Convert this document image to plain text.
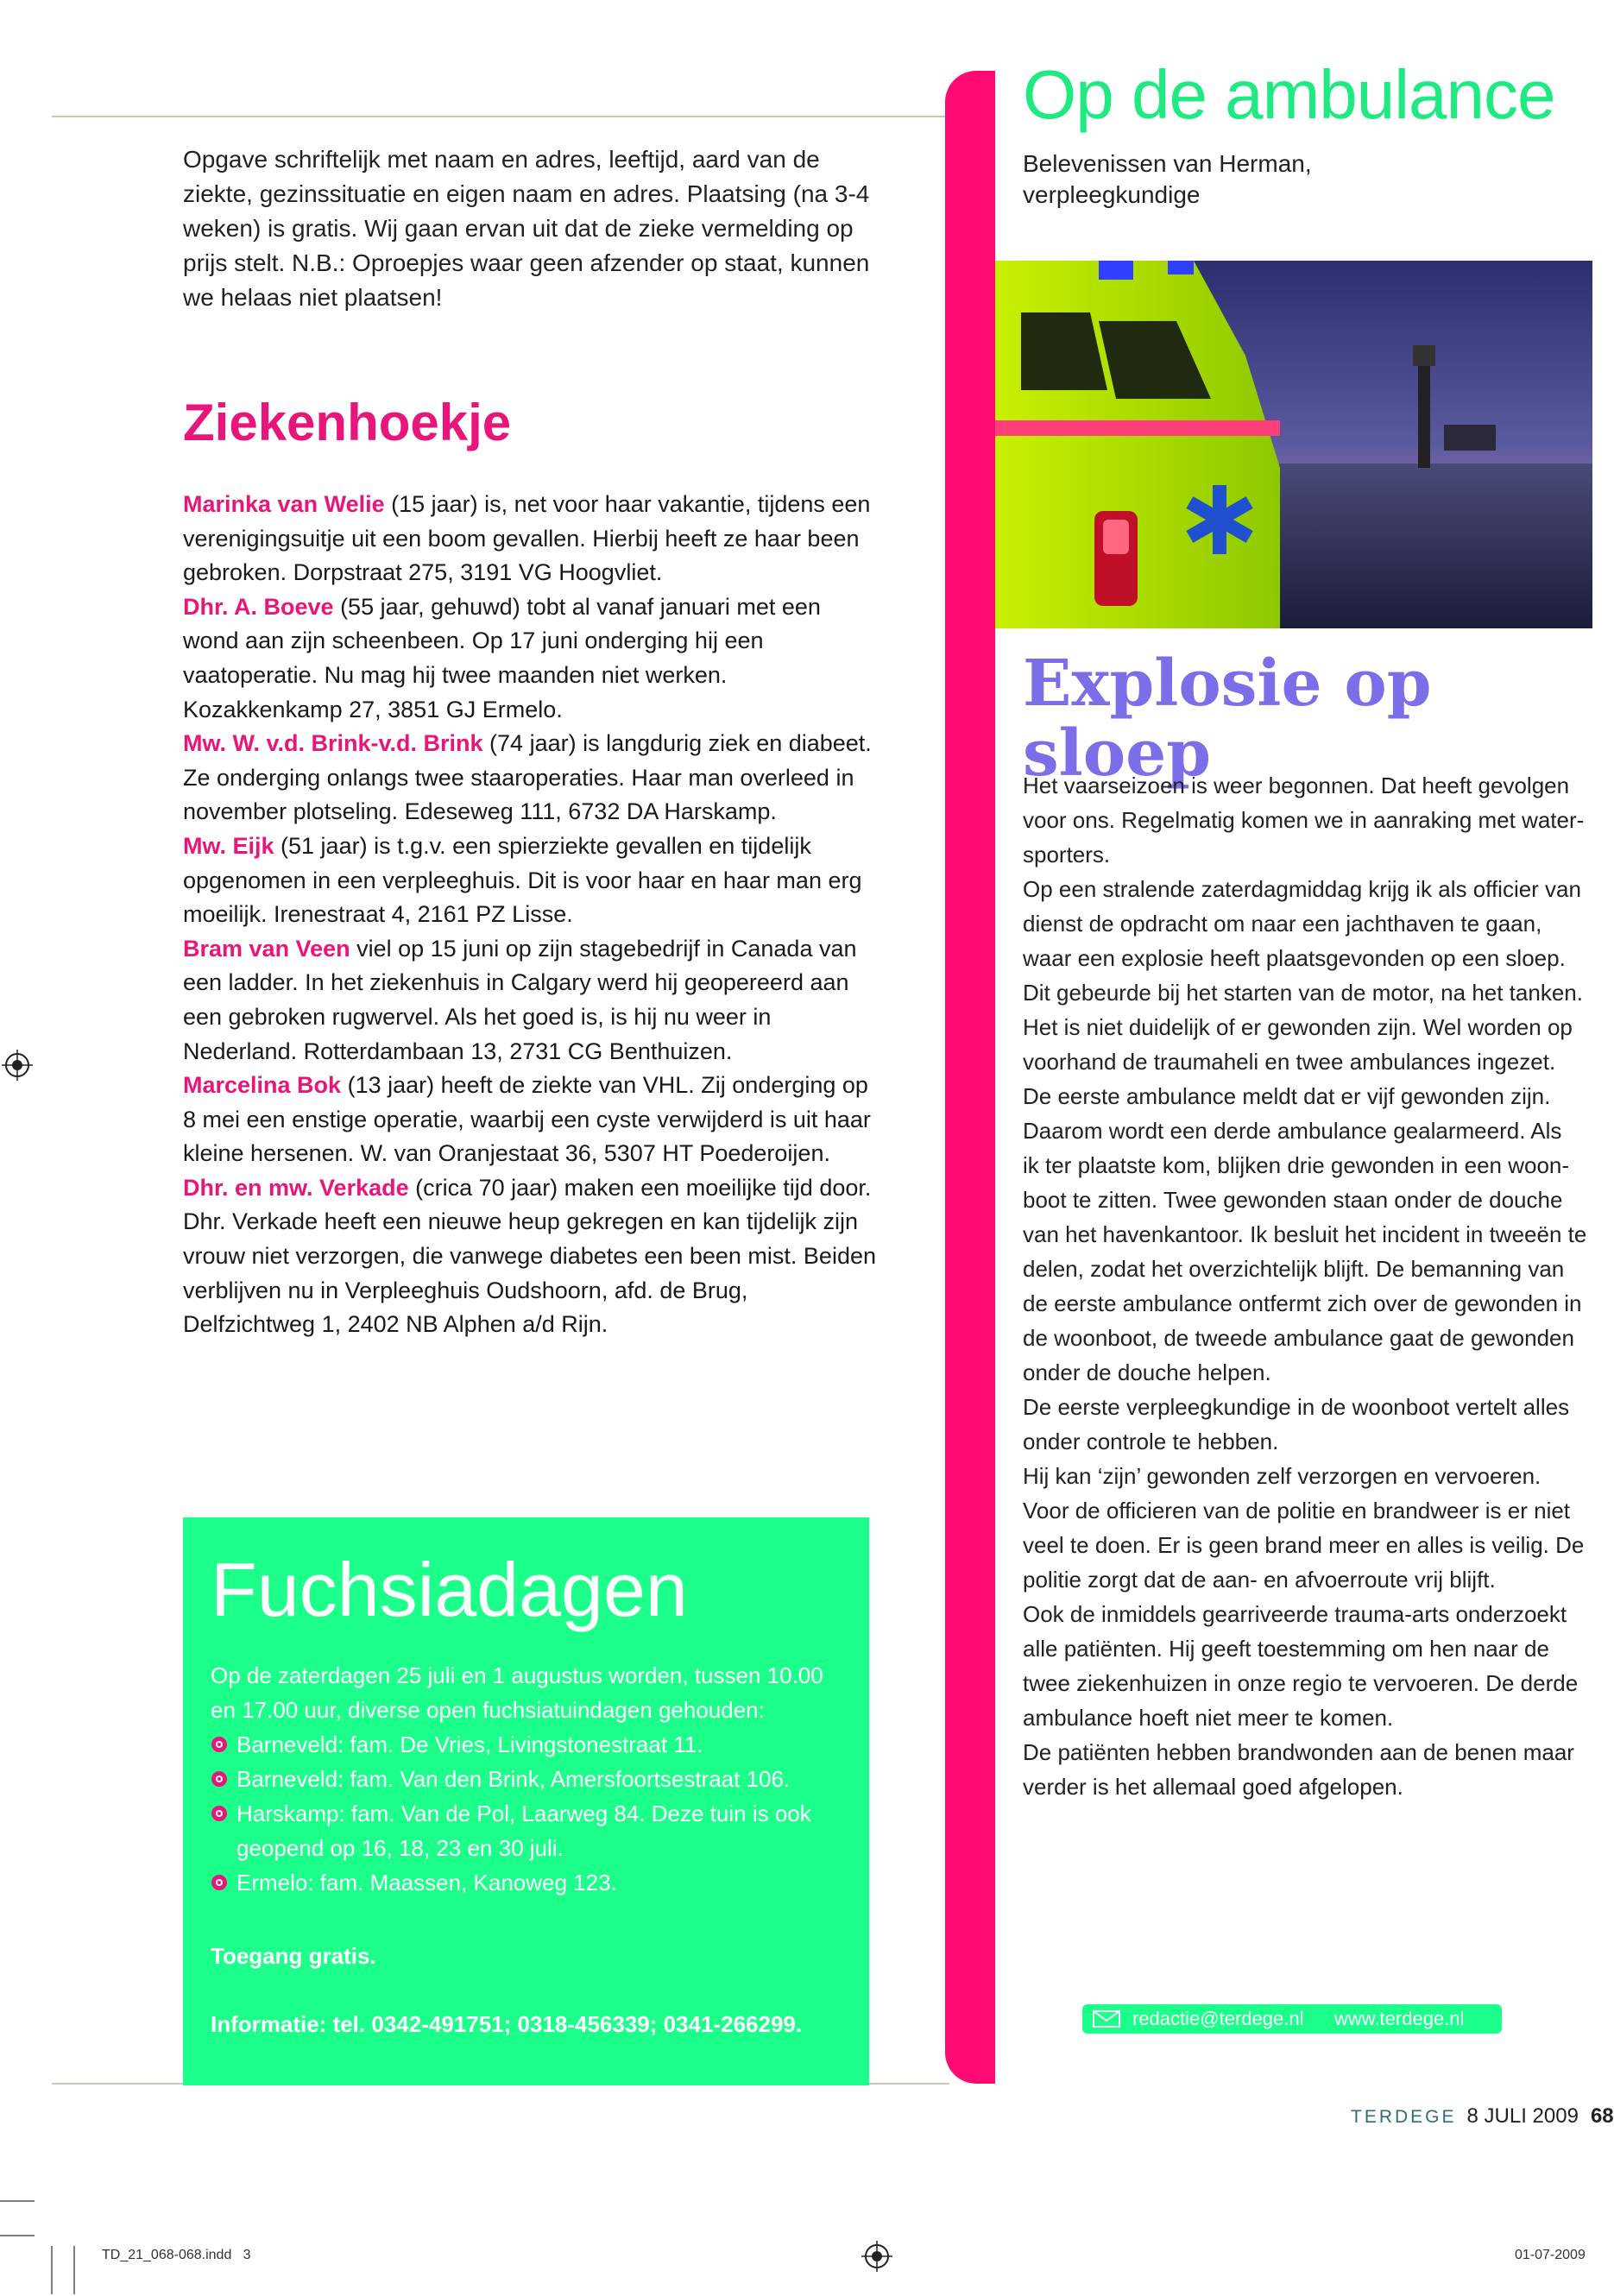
Opgave schriftelijk met naam en adres, leeftijd, aard van de ziekte, gezinssituatie en eigen naam en adres. Plaatsing (na 3-4 weken) is gratis. Wij gaan ervan uit dat de zieke vermelding op prijs stelt. N.B.: Oproepjes waar geen afzender op staat, kunnen we helaas niet plaatsen!
Ziekenhoekje
Marinka van Welie (15 jaar) is, net voor haar vakantie, tijdens een verenigingsuitje uit een boom gevallen. Hierbij heeft ze haar been gebroken. Dorpstraat 275, 3191 VG Hoogvliet.
Dhr. A. Boeve (55 jaar, gehuwd) tobt al vanaf januari met een wond aan zijn scheenbeen. Op 17 juni onderging hij een vaatoperatie. Nu mag hij twee maanden niet werken. Kozakkenkamp 27, 3851 GJ Ermelo.
Mw. W. v.d. Brink-v.d. Brink (74 jaar) is langdurig ziek en diabeet. Ze onderging onlangs twee staaroperaties. Haar man overleed in november plotseling. Edeseweg 111, 6732 DA Harskamp.
Mw. Eijk (51 jaar) is t.g.v. een spierziekte gevallen en tijdelijk opgenomen in een verpleeghuis. Dit is voor haar en haar man erg moeilijk. Irenestraat 4, 2161 PZ Lisse.
Bram van Veen viel op 15 juni op zijn stagebedrijf in Canada van een ladder. In het ziekenhuis in Calgary werd hij geopereerd aan een gebroken rugwervel. Als het goed is, is hij nu weer in Nederland. Rotterdambaan 13, 2731 CG Benthuizen.
Marcelina Bok (13 jaar) heeft de ziekte van VHL. Zij onderging op 8 mei een enstige operatie, waarbij een cyste verwijderd is uit haar kleine hersenen. W. van Oranjestaat 36, 5307 HT Poederoijen.
Dhr. en mw. Verkade (crica 70 jaar) maken een moeilijke tijd door. Dhr. Verkade heeft een nieuwe heup gekregen en kan tijdelijk zijn vrouw niet verzorgen, die vanwege diabetes een been mist. Beiden verblijven nu in Verpleeghuis Oudshoorn, afd. de Brug, Delfzichtweg 1, 2402 NB Alphen a/d Rijn.
Fuchsiadagen
Op de zaterdagen 25 juli en 1 augustus worden, tussen 10.00 en 17.00 uur, diverse open fuchsiatuindagen gehouden:
Barneveld: fam. De Vries, Livingstonestraat 11.
Barneveld: fam. Van den Brink, Amersfoortsestraat 106.
Harskamp: fam. Van de Pol, Laarweg 84. Deze tuin is ook geopend op 16, 18, 23 en 30 juli.
Ermelo: fam. Maassen, Kanoweg 123.
Toegang gratis.
Informatie: tel. 0342-491751; 0318-456339; 0341-266299.
Op de ambulance
Belevenissen van Herman, verpleegkundige
Explosie op sloep

Het vaarseizoen is weer begonnen. Dat heeft gevolgen

voor ons. Regelmatig komen we in aanraking met water-

sporters.

Op een stralende zaterdagmiddag krijg ik als officier van

dienst de opdracht om naar een jachthaven te gaan,

waar een explosie heeft plaatsgevonden op een sloep.

Dit gebeurde bij het starten van de motor, na het tanken.

Het is niet duidelijk of er gewonden zijn. Wel worden op

voorhand de traumaheli en twee ambulances ingezet.

De eerste ambulance meldt dat er vijf gewonden zijn.

Daarom wordt een derde ambulance gealarmeerd. Als

ik ter plaatste kom, blijken drie gewonden in een woon-

boot te zitten. Twee gewonden staan onder de douche

van het havenkantoor. Ik besluit het incident in tweeën te

delen, zodat het overzichtelijk blijft. De bemanning van

de eerste ambulance ontfermt zich over de gewonden in

de woonboot, de tweede ambulance gaat de gewonden

onder de douche helpen.

De eerste verpleegkundige in de woonboot vertelt alles

onder controle te hebben.

Hij kan ‘zijn’ gewonden zelf verzorgen en vervoeren.

Voor de officieren van de politie en brandweer is er niet

veel te doen. Er is geen brand meer en alles is veilig. De

politie zorgt dat de aan- en afvoerroute vrij blijft.

Ook de inmiddels gearriveerde trauma-arts onderzoekt

alle patiënten. Hij geeft toestemming om hen naar de

twee ziekenhuizen in onze regio te vervoeren. De derde

ambulance hoeft niet meer te komen.

De patiënten hebben brandwonden aan de benen maar

verder is het allemaal goed afgelopen.

redactie@terdege.nl www.terdege.nl
TERDEGE 8 JULI 2009 68
TD_21_068-068.indd   3	01-07-2009
